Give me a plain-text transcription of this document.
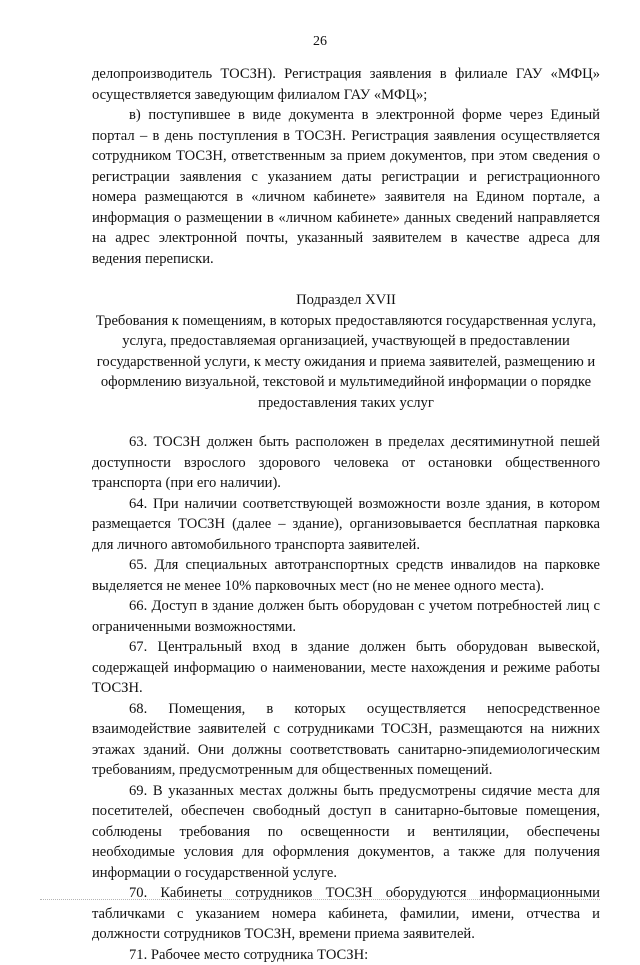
26

делопроизводитель ТОСЗН). Регистрация заявления в филиале ГАУ «МФЦ» осуществляется заведующим филиалом ГАУ «МФЦ»;

в) поступившее в виде документа в электронной форме через Единый портал – в день поступления в ТОСЗН. Регистрация заявления осуществляется сотрудником ТОСЗН, ответственным за прием документов, при этом сведения о регистрации заявления с указанием даты регистрации и регистрационного номера размещаются в «личном кабинете» заявителя на Едином портале, а информация о размещении в «личном кабинете» данных сведений направляется на адрес электронной почты, указанный заявителем в качестве адреса для ведения переписки.

Подраздел XVII
Требования к помещениям, в которых предоставляются государственная услуга, услуга, предоставляемая организацией, участвующей в предоставлении государственной услуги, к месту ожидания и приема заявителей, размещению и оформлению визуальной, текстовой и мультимедийной информации о порядке предоставления таких услуг

63. ТОСЗН должен быть расположен в пределах десятиминутной пешей доступности взрослого здорового человека от остановки общественного транспорта (при его наличии).

64. При наличии соответствующей возможности возле здания, в котором размещается ТОСЗН (далее – здание), организовывается бесплатная парковка для личного автомобильного транспорта заявителей.

65. Для специальных автотранспортных средств инвалидов на парковке выделяется не менее 10% парковочных мест (но не менее одного места).

66. Доступ в здание должен быть оборудован с учетом потребностей лиц с ограниченными возможностями.

67. Центральный вход в здание должен быть оборудован вывеской, содержащей информацию о наименовании, месте нахождения и режиме работы ТОСЗН.

68. Помещения, в которых осуществляется непосредственное взаимодействие заявителей с сотрудниками ТОСЗН, размещаются на нижних этажах зданий. Они должны соответствовать санитарно-эпидемиологическим требованиям, предусмотренным для общественных помещений.

69. В указанных местах должны быть предусмотрены сидячие места для посетителей, обеспечен свободный доступ в санитарно-бытовые помещения, соблюдены требования по освещенности и вентиляции, обеспечены необходимые условия для оформления документов, а также для получения информации о государственной услуге.

70. Кабинеты сотрудников ТОСЗН оборудуются информационными табличками с указанием номера кабинета, фамилии, имени, отчества и должности сотрудников ТОСЗН, времени приема заявителей.

71. Рабочее место сотрудника ТОСЗН:
